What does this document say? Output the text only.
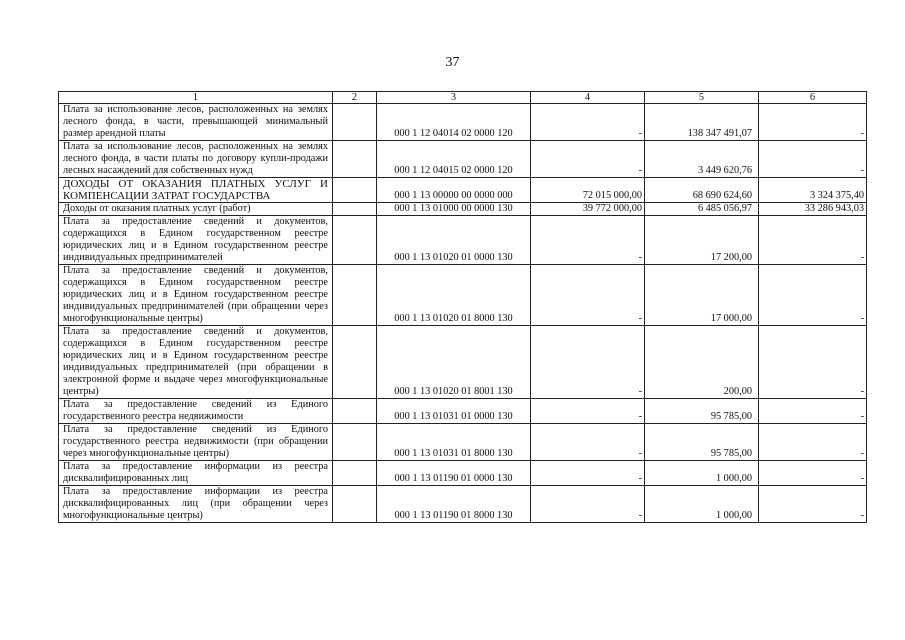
37
1	2	3	4	5	6
Плата за использование лесов, расположенных на землях лесного фонда, в части, превышающей минимальный размер арендной платы		000 1 12 04014 02 0000 120	-	138 347 491,07	-
Плата за использование лесов, расположенных на землях лесного фонда, в части платы по договору купли-продажи лесных насаждений для собственных нужд		000 1 12 04015 02 0000 120	-	3 449 620,76	-
ДОХОДЫ ОТ ОКАЗАНИЯ ПЛАТНЫХ УСЛУГ И КОМПЕНСАЦИИ ЗАТРАТ ГОСУДАРСТВА		000 1 13 00000 00 0000 000	72 015 000,00	68 690 624,60	3 324 375,40
Доходы от оказания платных услуг (работ)		000 1 13 01000 00 0000 130	39 772 000,00	6 485 056,97	33 286 943,03
Плата за предоставление сведений и документов, содержащихся в Едином государственном реестре юридических лиц и в Едином государственном реестре индивидуальных предпринимателей		000 1 13 01020 01 0000 130	-	17 200,00	-
Плата за предоставление сведений и документов, содержащихся в Едином государственном реестре юридических лиц и в Едином государственном реестре индивидуальных предпринимателей (при обращении через многофункциональные центры)		000 1 13 01020 01 8000 130	-	17 000,00	-
Плата за предоставление сведений и документов, содержащихся в Едином государственном реестре юридических лиц и в Едином государственном реестре индивидуальных предпринимателей (при обращении в электронной форме и выдаче через многофункциональные центры)		000 1 13 01020 01 8001 130	-	200,00	-
Плата за предоставление сведений из Единого государственного реестра недвижимости		000 1 13 01031 01 0000 130	-	95 785,00	-
Плата за предоставление сведений из Единого государственного реестра недвижимости (при обращении через многофункциональные центры)		000 1 13 01031 01 8000 130	-	95 785,00	-
Плата за предоставление информации из реестра дисквалифицированных лиц		000 1 13 01190 01 0000 130	-	1 000,00	-
Плата за предоставление информации из реестра дисквалифицированных лиц (при обращении через многофункциональные центры)		000 1 13 01190 01 8000 130	-	1 000,00	-
